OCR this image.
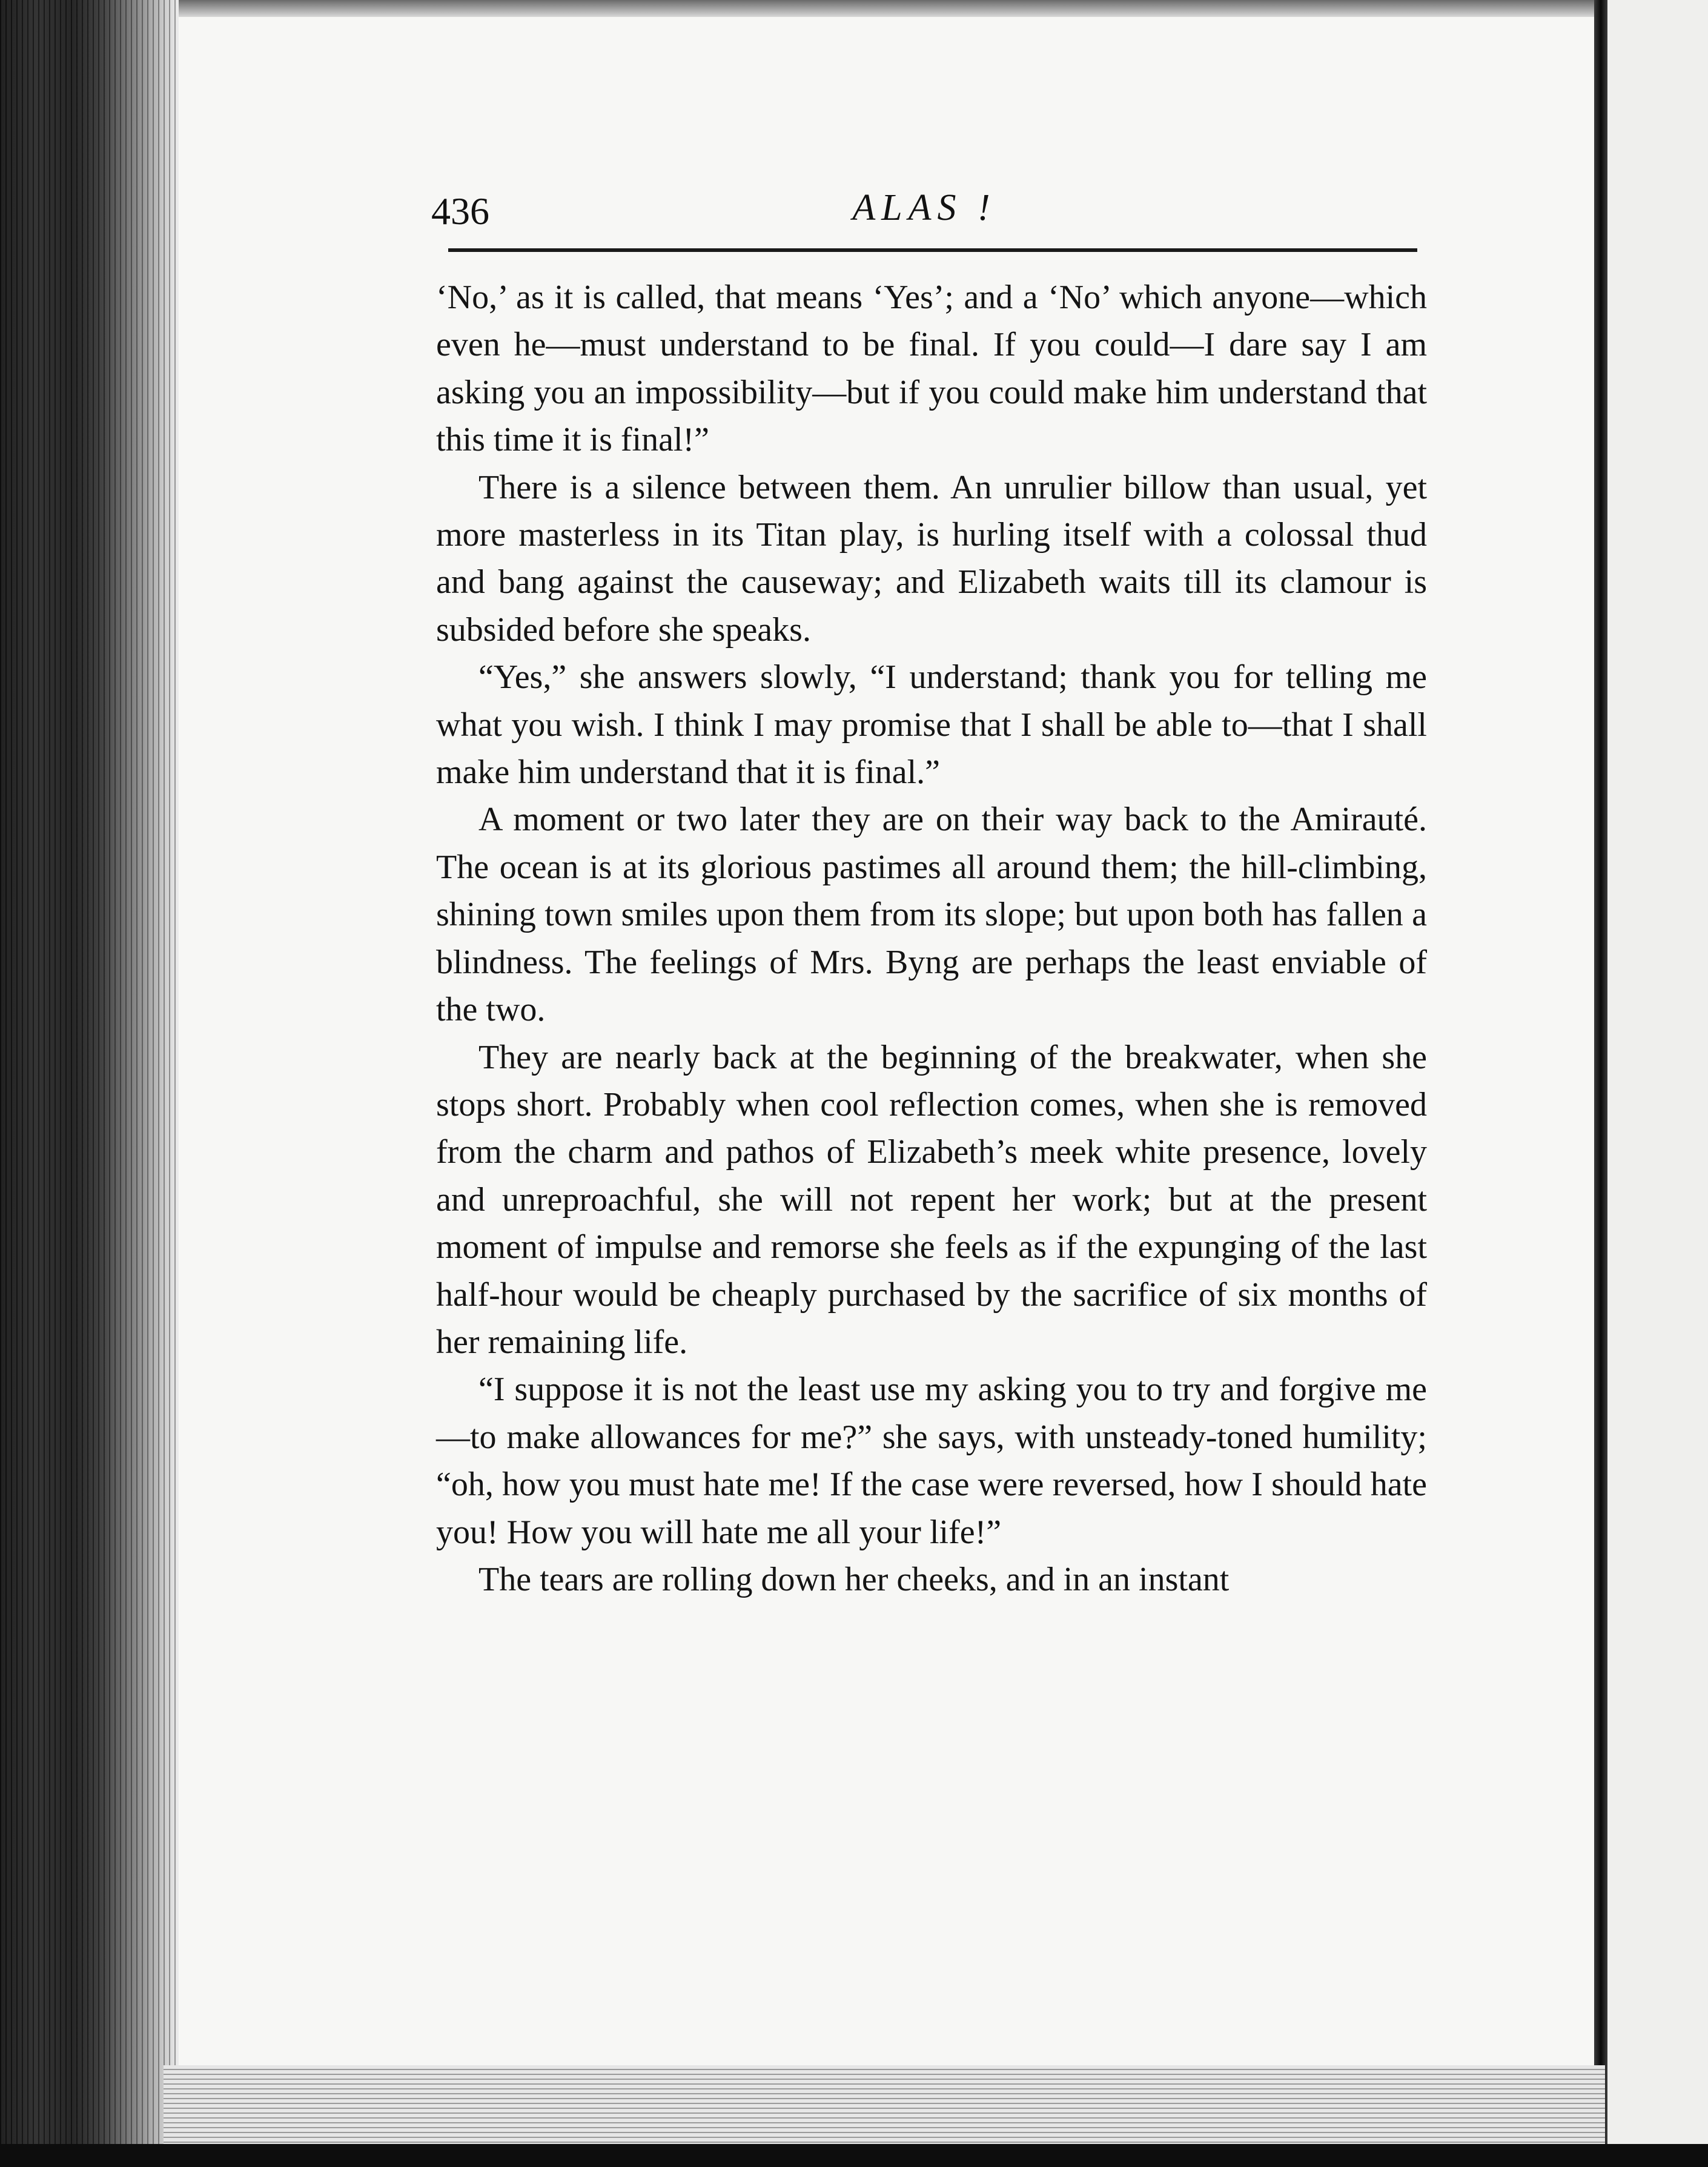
436	ALAS !

‘No,’ as it is called, that means ‘Yes’; and a ‘No’ which anyone—which even he—must understand to be final. If you could—I dare say I am asking you an impossibility—but if you could make him understand that this time it is final!”

There is a silence between them. An unrulier billow than usual, yet more masterless in its Titan play, is hurling itself with a colossal thud and bang against the causeway; and Elizabeth waits till its clamour is subsided before she speaks.

“Yes,” she answers slowly, “I understand; thank you for telling me what you wish. I think I may promise that I shall be able to—that I shall make him understand that it is final.”

A moment or two later they are on their way back to the Amirauté. The ocean is at its glorious pastimes all around them; the hill-climbing, shining town smiles upon them from its slope; but upon both has fallen a blindness. The feelings of Mrs. Byng are perhaps the least enviable of the two.

They are nearly back at the beginning of the breakwater, when she stops short. Probably when cool reflection comes, when she is removed from the charm and pathos of Elizabeth’s meek white presence, lovely and unreproachful, she will not repent her work; but at the present moment of impulse and remorse she feels as if the expunging of the last half-hour would be cheaply purchased by the sacrifice of six months of her remaining life.

“I suppose it is not the least use my asking you to try and forgive me—to make allowances for me?” she says, with unsteady-toned humility; “oh, how you must hate me! If the case were reversed, how I should hate you! How you will hate me all your life!”

The tears are rolling down her cheeks, and in an instant
